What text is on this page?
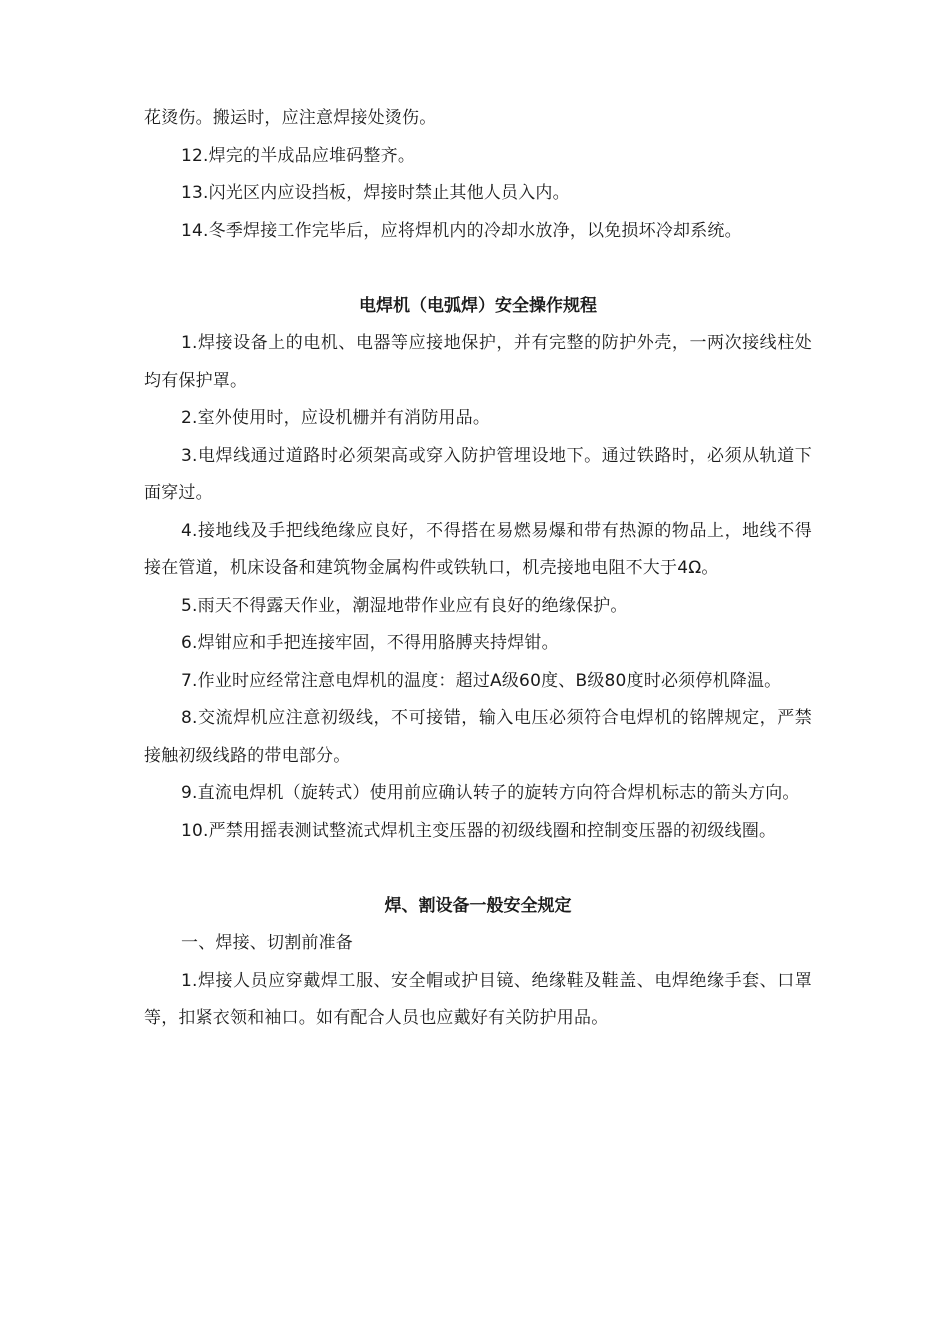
花烫伤。搬运时，应注意焊接处烫伤。

12.焊完的半成品应堆码整齐。

13.闪光区内应设挡板，焊接时禁止其他人员入内。

14.冬季焊接工作完毕后，应将焊机内的冷却水放净，以免损坏冷却系统。

电焊机（电弧焊）安全操作规程

1.焊接设备上的电机、电器等应接地保护，并有完整的防护外壳，一两次接线柱处均有保护罩。

2.室外使用时，应设机栅并有消防用品。

3.电焊线通过道路时必须架高或穿入防护管埋设地下。通过铁路时，必须从轨道下面穿过。

4.接地线及手把线绝缘应良好，不得搭在易燃易爆和带有热源的物品上，地线不得接在管道，机床设备和建筑物金属构件或铁轨口，机壳接地电阻不大于4Ω。

5.雨天不得露天作业，潮湿地带作业应有良好的绝缘保护。

6.焊钳应和手把连接牢固，不得用胳膊夹持焊钳。

7.作业时应经常注意电焊机的温度：超过A级60度、B级80度时必须停机降温。

8.交流焊机应注意初级线，不可接错，输入电压必须符合电焊机的铭牌规定，严禁接触初级线路的带电部分。

9.直流电焊机（旋转式）使用前应确认转子的旋转方向符合焊机标志的箭头方向。

10.严禁用摇表测试整流式焊机主变压器的初级线圈和控制变压器的初级线圈。

焊、割设备一般安全规定

一、焊接、切割前准备

1.焊接人员应穿戴焊工服、安全帽或护目镜、绝缘鞋及鞋盖、电焊绝缘手套、口罩等，扣紧衣领和袖口。如有配合人员也应戴好有关防护用品。
